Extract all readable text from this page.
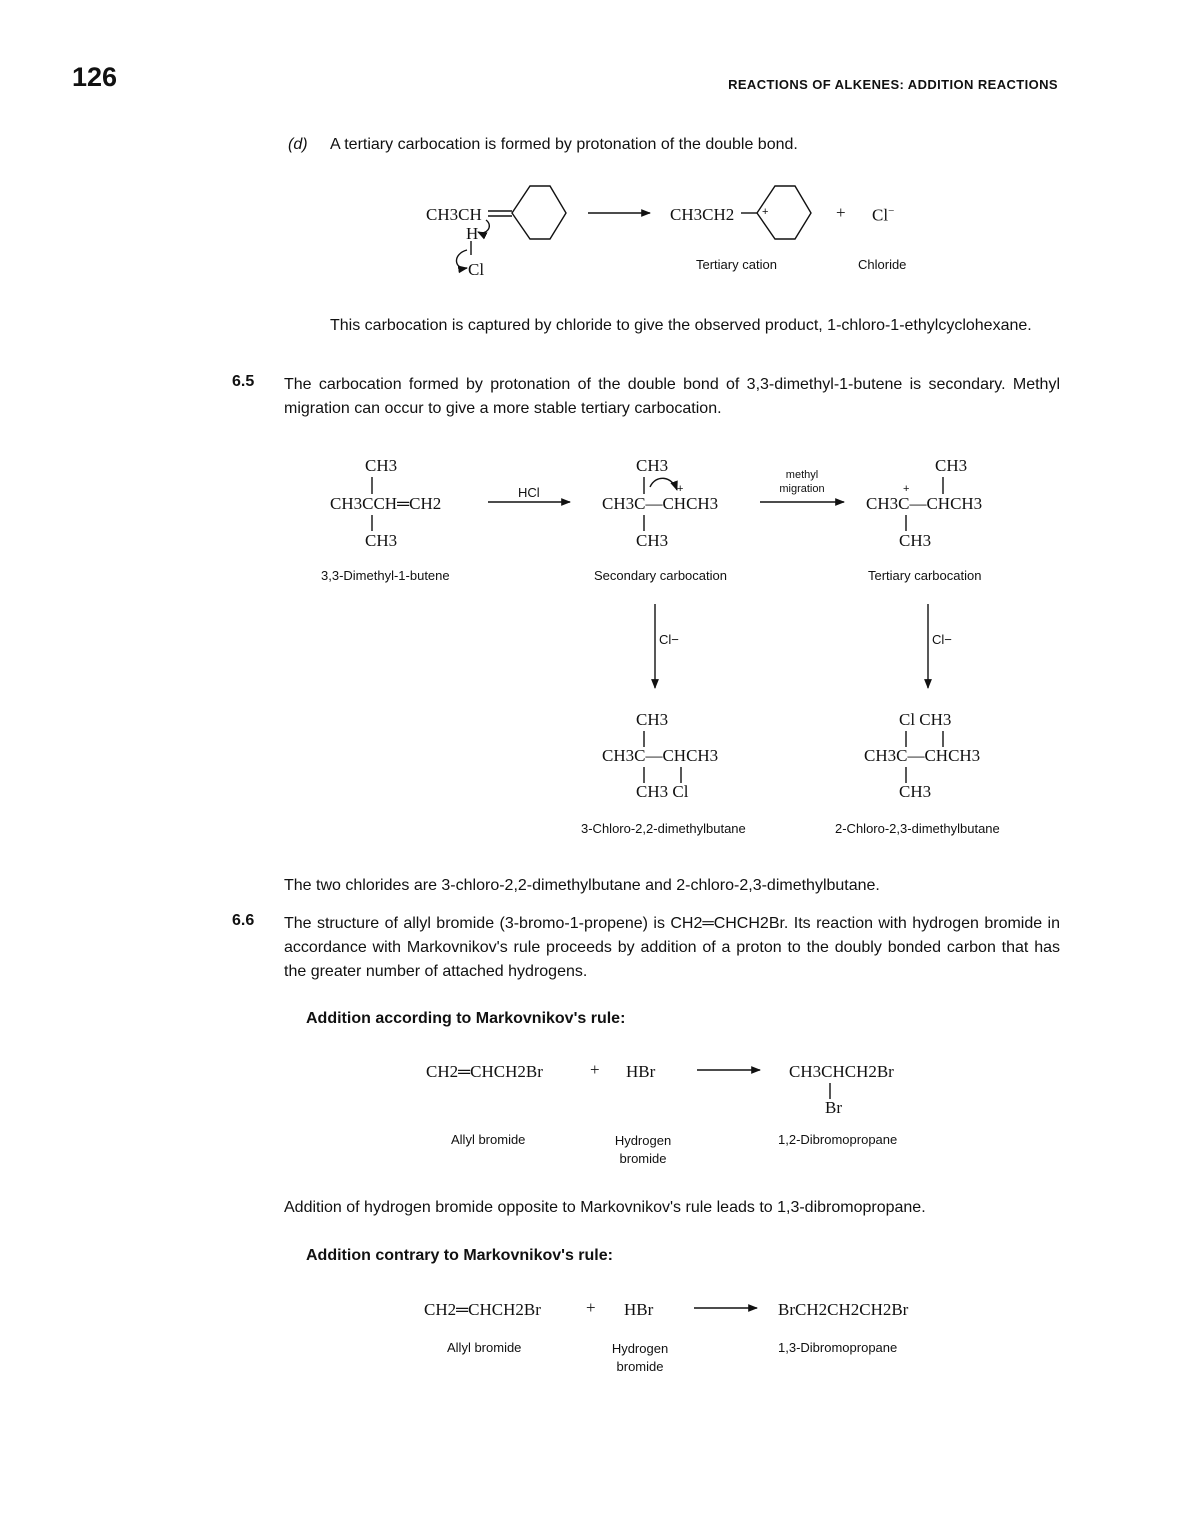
126	REACTIONS OF ALKENES: ADDITION REACTIONS
(d) A tertiary carbocation is formed by protonation of the double bond.
CH3CH
H
Cl
CH3CH2	+	+ Cl−
Tertiary cation	Chloride
This carbocation is captured by chloride to give the observed product, 1-chloro-1-ethylcyclohexane.
6.5 The carbocation formed by protonation of the double bond of 3,3-dimethyl-1-butene is secondary. Methyl migration can occur to give a more stable tertiary carbocation.
CH3
CH3CCH═CH2
CH3
3,3-Dimethyl-1-butene
HCl
CH3
CH3C—CHCH3
+
CH3
Secondary carbocation
methyl migration
CH3
+
CH3C—CHCH3
CH3
Tertiary carbocation
Cl−	Cl−
CH3
CH3C—CHCH3
CH3 Cl
3-Chloro-2,2-dimethylbutane
Cl CH3
CH3C—CHCH3
CH3
2-Chloro-2,3-dimethylbutane
The two chlorides are 3-chloro-2,2-dimethylbutane and 2-chloro-2,3-dimethylbutane.
6.6 The structure of allyl bromide (3-bromo-1-propene) is CH2═CHCH2Br. Its reaction with hydrogen bromide in accordance with Markovnikov's rule proceeds by addition of a proton to the doubly bonded carbon that has the greater number of attached hydrogens.
Addition according to Markovnikov's rule:
CH2═CHCH2Br	+ HBr	CH3CHCH2Br
Br
Allyl bromide	Hydrogen bromide
1,2-Dibromopropane
Addition of hydrogen bromide opposite to Markovnikov's rule leads to 1,3-dibromopropane.
Addition contrary to Markovnikov's rule:
CH2═CHCH2Br	+ HBr	BrCH2CH2CH2Br
Allyl bromide	Hydrogen bromide
1,3-Dibromopropane
